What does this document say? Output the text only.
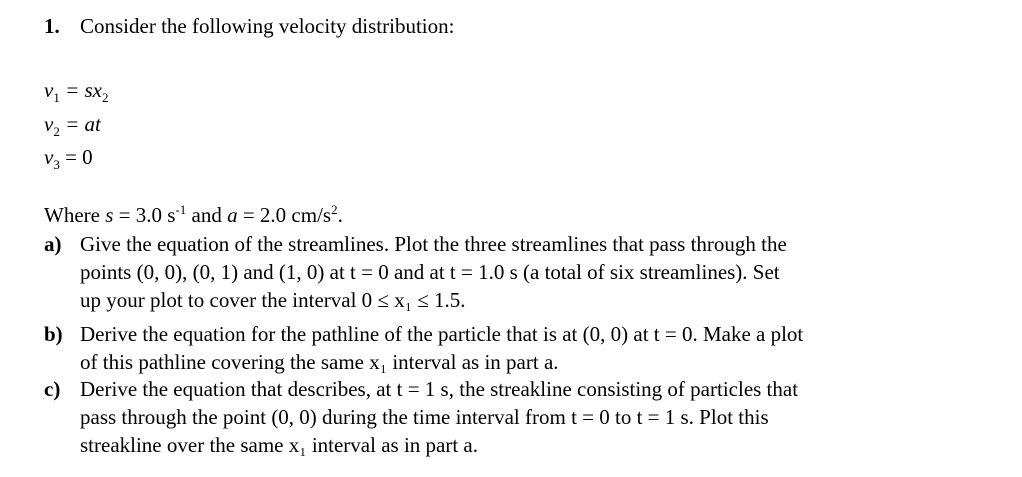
1. Consider the following velocity distribution:
$v_1 = sx_2$
$v_2$ = at
$v_3 = 0$
Where s = 3.0 $s^{-1}$ and a = 2.0 $cm/s^2$.
a) Give the equation of the streamlines. Plot the three streamlines that pass through the
points (0, 0), (0, 1) and (1, 0) at t = 0 and at t = 1.0 s (a total of six streamlines). Set
up your plot to cover the interval 0 ≤ x₁ ≤ 1.5.
b) Derive the equation for the pathline of the particle that is at (0, 0) at t = 0. Make a plot
of this pathline covering the same x₁ interval as in part a.
c) Derive the equation that describes, at t = 1 s, the streakline consisting of particles that
pass through the point (0, 0) during the time interval from t = 0 to t = 1 s. Plot this
streakline over the same x₁ interval as in part a.
